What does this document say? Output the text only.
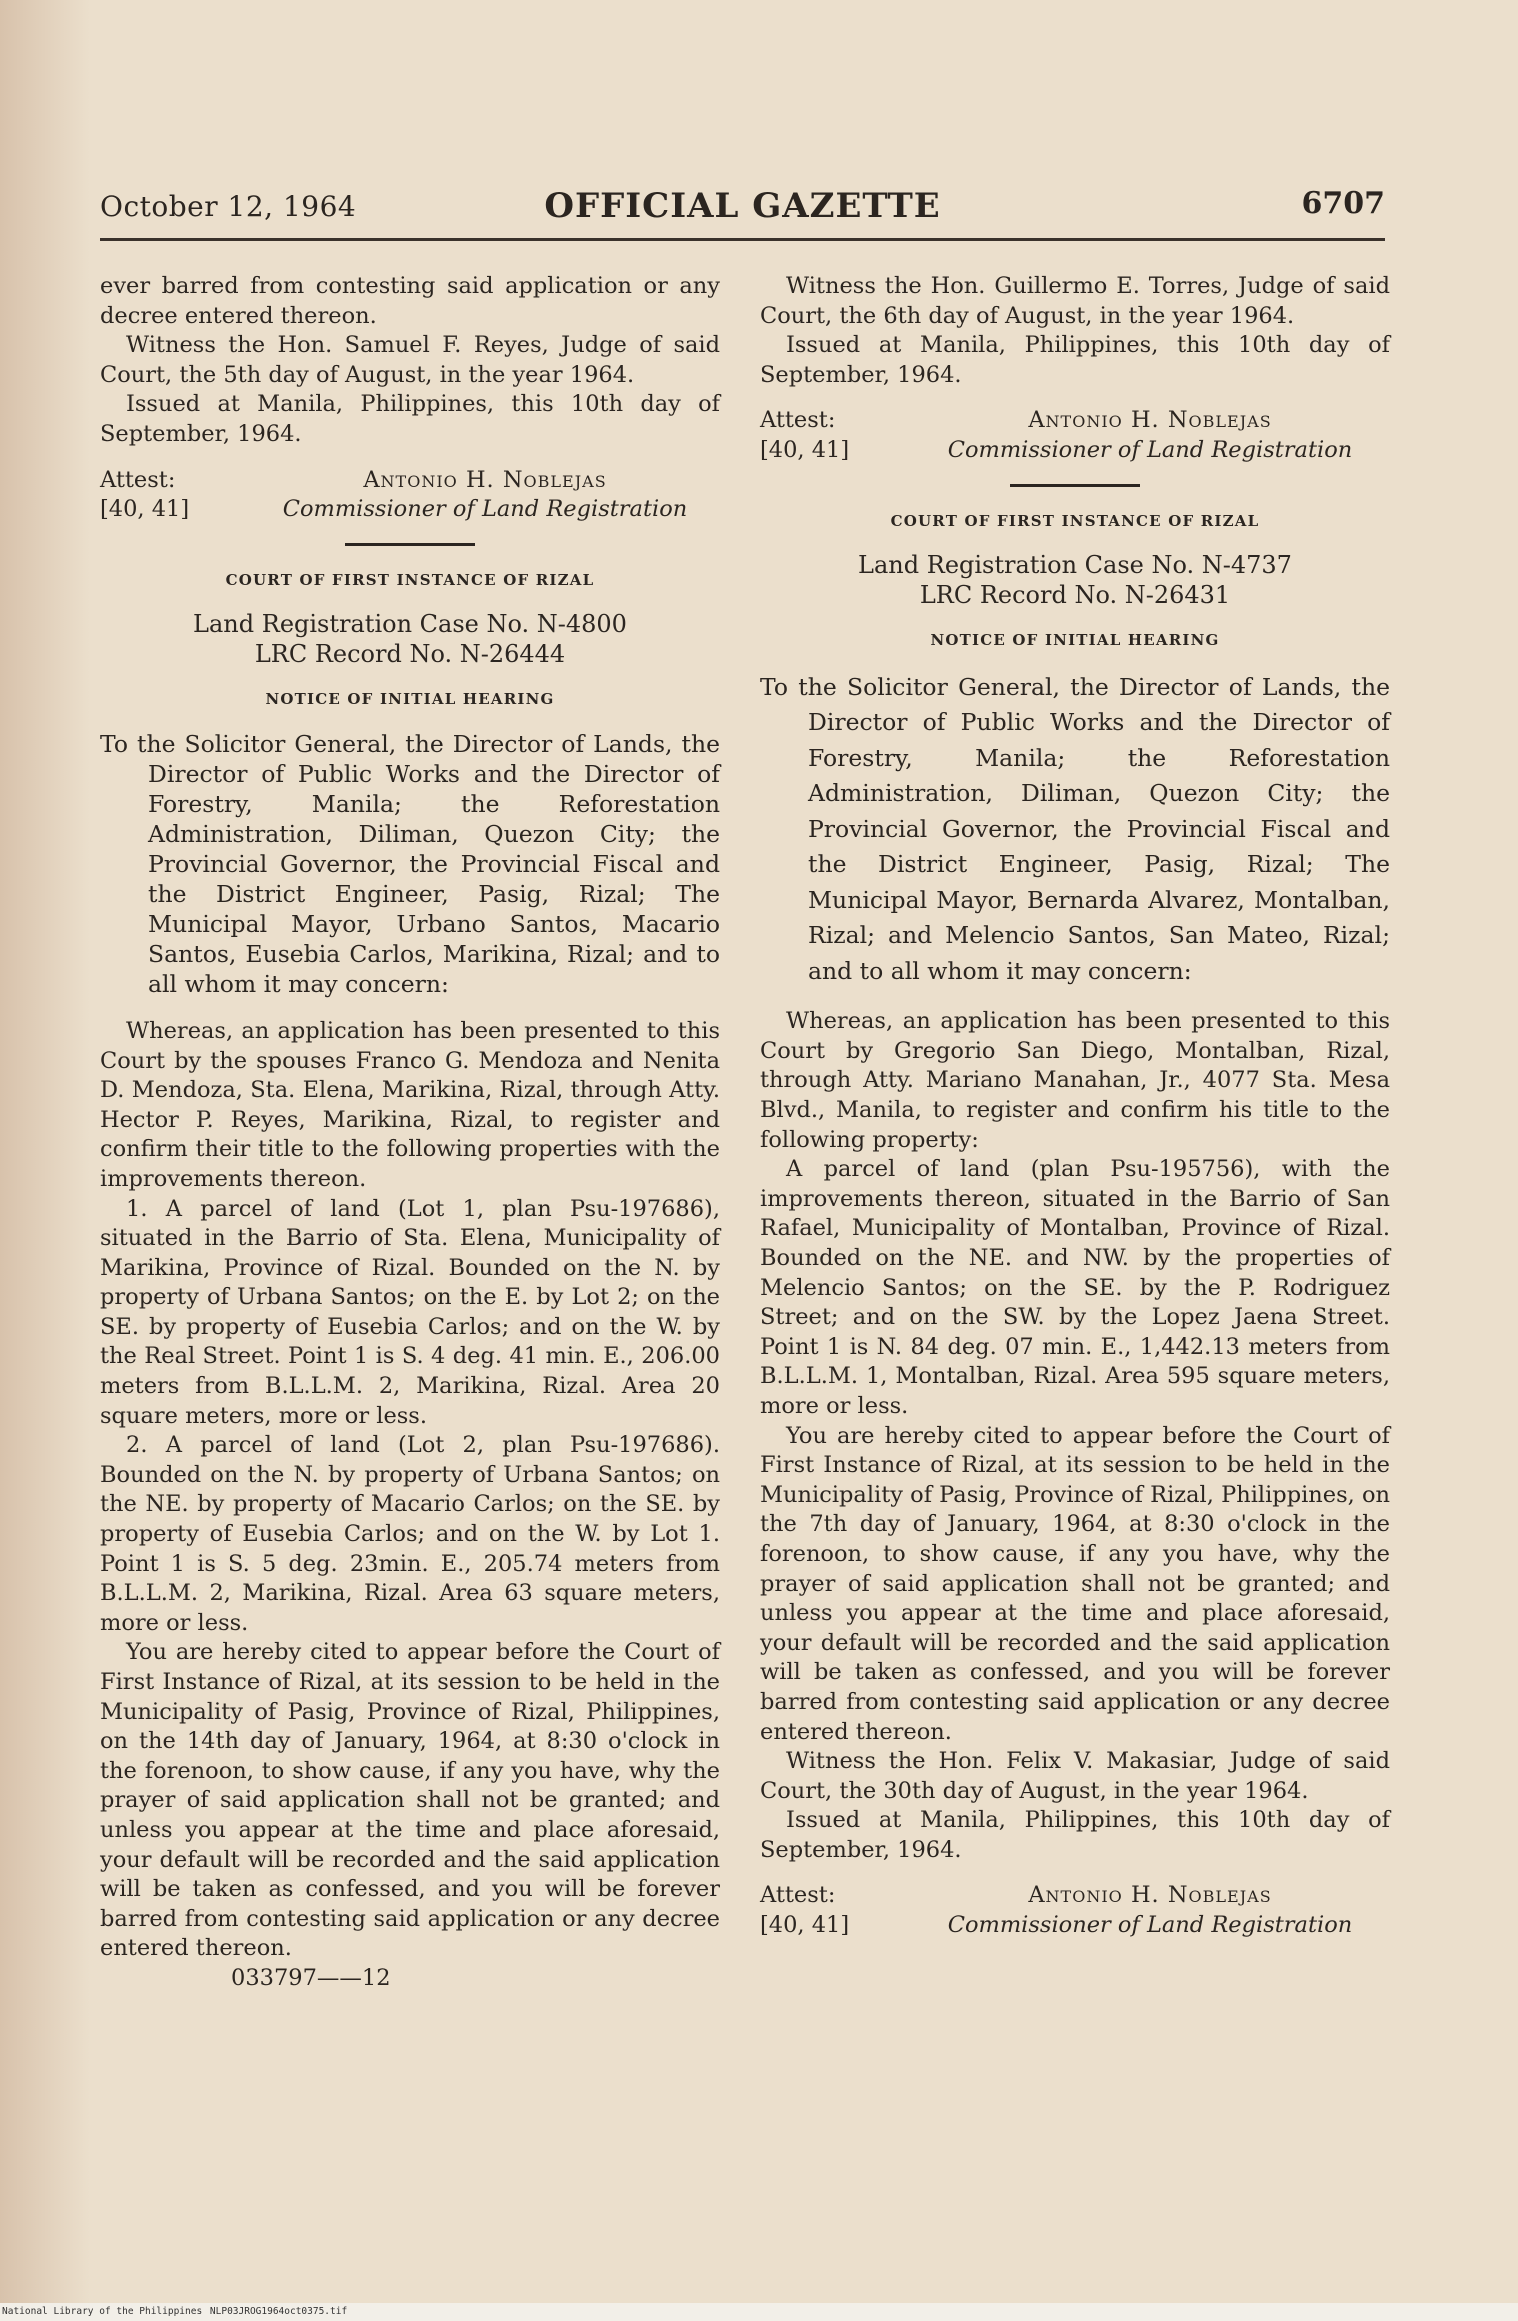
October 12, 1964	OFFICIAL GAZETTE	6707

ever barred from contesting said application or any decree entered thereon.

Witness the Hon. Samuel F. Reyes, Judge of said Court, the 5th day of August, in the year 1964.

Issued at Manila, Philippines, this 10th day of September, 1964.

Attest:
[40, 41]
Antonio H. Noblejas
Commissioner of Land Registration
COURT OF FIRST INSTANCE OF RIZAL
Land Registration Case No. N-4800
LRC Record No. N-26444
NOTICE OF INITIAL HEARING

To the Solicitor General, the Director of Lands, the Director of Public Works and the Director of Forestry, Manila; the Reforestation Administration, Diliman, Quezon City; the Provincial Governor, the Provincial Fiscal and the District Engineer, Pasig, Rizal; The Municipal Mayor, Urbano Santos, Macario Santos, Eusebia Carlos, Marikina, Rizal; and to all whom it may concern:

Whereas, an application has been presented to this Court by the spouses Franco G. Mendoza and Nenita D. Mendoza, Sta. Elena, Marikina, Rizal, through Atty. Hector P. Reyes, Marikina, Rizal, to register and confirm their title to the following properties with the improvements thereon.

1. A parcel of land (Lot 1, plan Psu-197686), situated in the Barrio of Sta. Elena, Municipality of Marikina, Province of Rizal. Bounded on the N. by property of Urbana Santos; on the E. by Lot 2; on the SE. by property of Eusebia Carlos; and on the W. by the Real Street. Point 1 is S. 4 deg. 41 min. E., 206.00 meters from B.L.L.M. 2, Marikina, Rizal. Area 20 square meters, more or less.

2. A parcel of land (Lot 2, plan Psu-197686). Bounded on the N. by property of Urbana Santos; on the NE. by property of Macario Carlos; on the SE. by property of Eusebia Carlos; and on the W. by Lot 1. Point 1 is S. 5 deg. 23min. E., 205.74 meters from B.L.L.M. 2, Marikina, Rizal. Area 63 square meters, more or less.

You are hereby cited to appear before the Court of First Instance of Rizal, at its session to be held in the Municipality of Pasig, Province of Rizal, Philippines, on the 14th day of January, 1964, at 8:30 o'clock in the forenoon, to show cause, if any you have, why the prayer of said application shall not be granted; and unless you appear at the time and place aforesaid, your default will be recorded and the said application will be taken as confessed, and you will be forever barred from contesting said application or any decree entered thereon.

033797——12

Witness the Hon. Guillermo E. Torres, Judge of said Court, the 6th day of August, in the year 1964.

Issued at Manila, Philippines, this 10th day of September, 1964.

Attest:
[40, 41]
Antonio H. Noblejas
Commissioner of Land Registration
COURT OF FIRST INSTANCE OF RIZAL
Land Registration Case No. N-4737
LRC Record No. N-26431
NOTICE OF INITIAL HEARING

To the Solicitor General, the Director of Lands, the Director of Public Works and the Director of Forestry, Manila; the Reforestation Administration, Diliman, Quezon City; the Provincial Governor, the Provincial Fiscal and the District Engineer, Pasig, Rizal; The Municipal Mayor, Bernarda Alvarez, Montalban, Rizal; and Melencio Santos, San Mateo, Rizal; and to all whom it may concern:

Whereas, an application has been presented to this Court by Gregorio San Diego, Montalban, Rizal, through Atty. Mariano Manahan, Jr., 4077 Sta. Mesa Blvd., Manila, to register and confirm his title to the following property:

A parcel of land (plan Psu-195756), with the improvements thereon, situated in the Barrio of San Rafael, Municipality of Montalban, Province of Rizal. Bounded on the NE. and NW. by the properties of Melencio Santos; on the SE. by the P. Rodriguez Street; and on the SW. by the Lopez Jaena Street. Point 1 is N. 84 deg. 07 min. E., 1,442.13 meters from B.L.L.M. 1, Montalban, Rizal. Area 595 square meters, more or less.

You are hereby cited to appear before the Court of First Instance of Rizal, at its session to be held in the Municipality of Pasig, Province of Rizal, Philippines, on the 7th day of January, 1964, at 8:30 o'clock in the forenoon, to show cause, if any you have, why the prayer of said application shall not be granted; and unless you appear at the time and place aforesaid, your default will be recorded and the said application will be taken as confessed, and you will be forever barred from contesting said application or any decree entered thereon.

Witness the Hon. Felix V. Makasiar, Judge of said Court, the 30th day of August, in the year 1964.

Issued at Manila, Philippines, this 10th day of September, 1964.

Attest:
[40, 41]
Antonio H. Noblejas
Commissioner of Land Registration
National Library of the Philippines NLP03JROG1964oct0375.tif
